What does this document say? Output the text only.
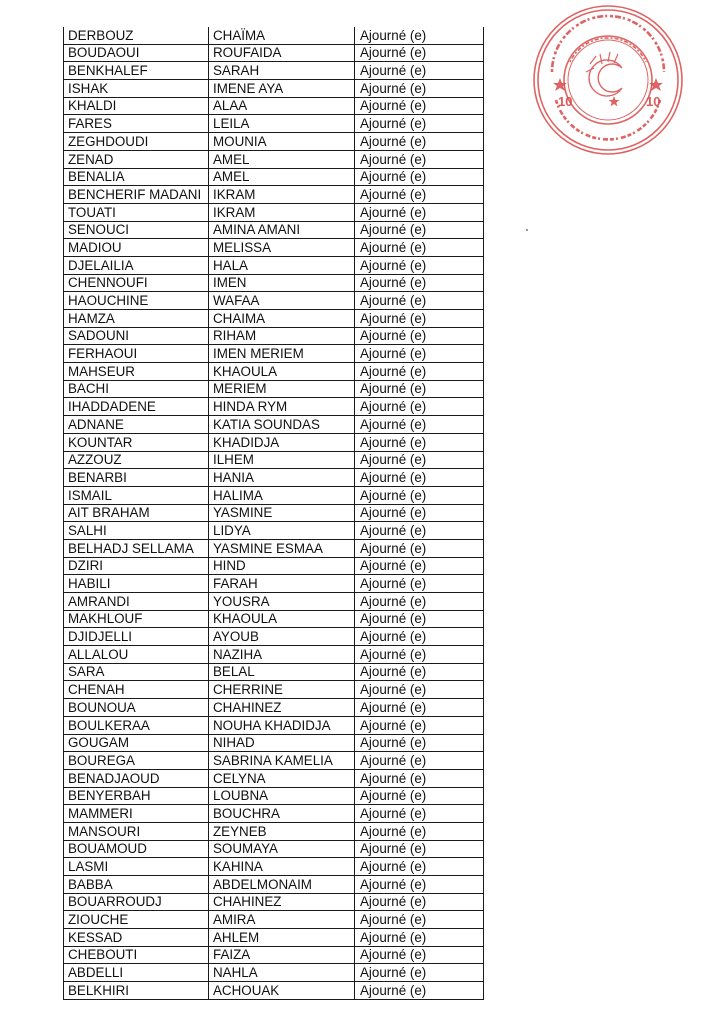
DERBOUZ	CHAÏMA	Ajourné (e)
BOUDAOUI	ROUFAIDA	Ajourné (e)
BENKHALEF	SARAH	Ajourné (e)
ISHAK	IMENE AYA	Ajourné (e)
KHALDI	ALAA	Ajourné (e)
FARES	LEILA	Ajourné (e)
ZEGHDOUDI	MOUNIA	Ajourné (e)
ZENAD	AMEL	Ajourné (e)
BENALIA	AMEL	Ajourné (e)
BENCHERIF MADANI	IKRAM	Ajourné (e)
TOUATI	IKRAM	Ajourné (e)
SENOUCI	AMINA AMANI	Ajourné (e)
MADIOU	MELISSA	Ajourné (e)
DJELAILIA	HALA	Ajourné (e)
CHENNOUFI	IMEN	Ajourné (e)
HAOUCHINE	WAFAA	Ajourné (e)
HAMZA	CHAIMA	Ajourné (e)
SADOUNI	RIHAM	Ajourné (e)
FERHAOUI	IMEN MERIEM	Ajourné (e)
MAHSEUR	KHAOULA	Ajourné (e)
BACHI	MERIEM	Ajourné (e)
IHADDADENE	HINDA RYM	Ajourné (e)
ADNANE	KATIA SOUNDAS	Ajourné (e)
KOUNTAR	KHADIDJA	Ajourné (e)
AZZOUZ	ILHEM	Ajourné (e)
BENARBI	HANIA	Ajourné (e)
ISMAIL	HALIMA	Ajourné (e)
AIT BRAHAM	YASMINE	Ajourné (e)
SALHI	LIDYA	Ajourné (e)
BELHADJ SELLAMA	YASMINE ESMAA	Ajourné (e)
DZIRI	HIND	Ajourné (e)
HABILI	FARAH	Ajourné (e)
AMRANDI	YOUSRA	Ajourné (e)
MAKHLOUF	KHAOULA	Ajourné (e)
DJIDJELLI	AYOUB	Ajourné (e)
ALLALOU	NAZIHA	Ajourné (e)
SARA	BELAL	Ajourné (e)
CHENAH	CHERRINE	Ajourné (e)
BOUNOUA	CHAHINEZ	Ajourné (e)
BOULKERAA	NOUHA KHADIDJA	Ajourné (e)
GOUGAM	NIHAD	Ajourné (e)
BOUREGA	SABRINA KAMELIA	Ajourné (e)
BENADJAOUD	CELYNA	Ajourné (e)
BENYERBAH	LOUBNA	Ajourné (e)
MAMMERI	BOUCHRA	Ajourné (e)
MANSOURI	ZEYNEB	Ajourné (e)
BOUAMOUD	SOUMAYA	Ajourné (e)
LASMI	KAHINA	Ajourné (e)
BABBA	ABDELMONAIM	Ajourné (e)
BOUARROUDJ	CHAHINEZ	Ajourné (e)
ZIOUCHE	AMIRA	Ajourné (e)
KESSAD	AHLEM	Ajourné (e)
CHEBOUTI	FAIZA	Ajourné (e)
ABDELLI	NAHLA	Ajourné (e)
BELKHIRI	ACHOUAK	Ajourné (e)
10	10
